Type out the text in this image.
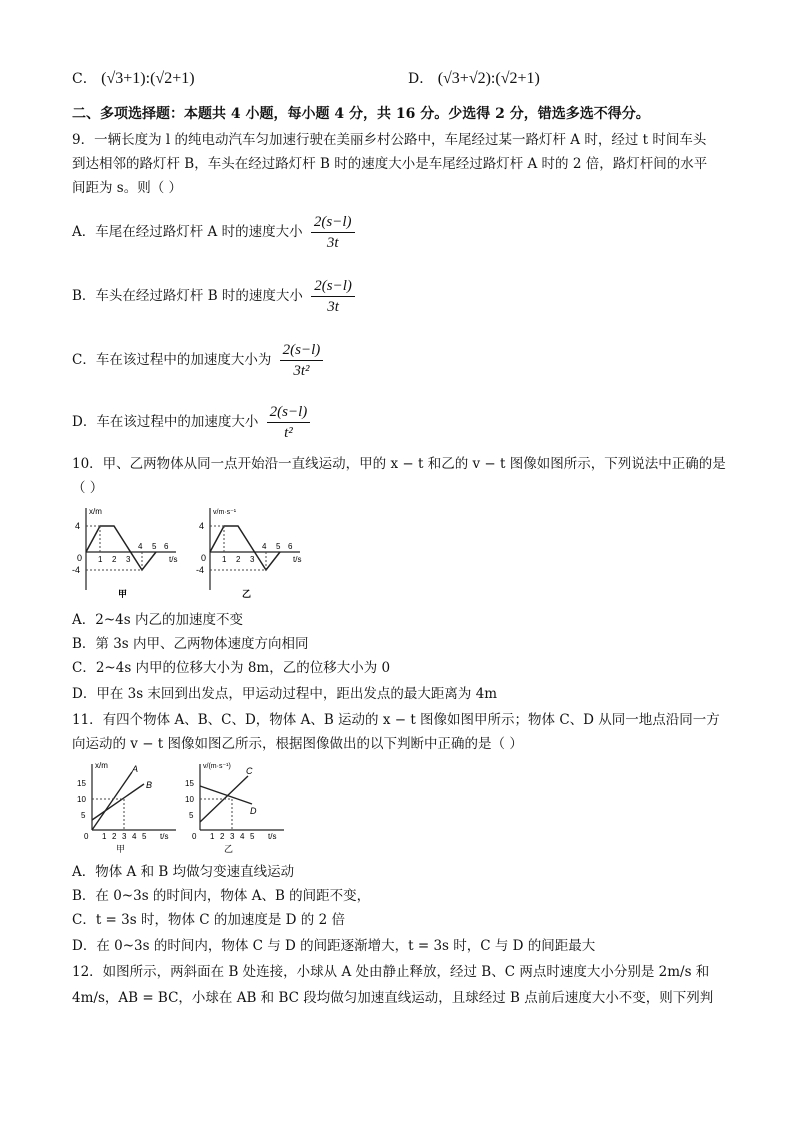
C． (√3+1):(√2+1)	D． (√3+√2):(√2+1)
二、多项选择题：本题共 4 小题，每小题 4 分，共 16 分。少选得 2 分，错选多选不得分。
9．一辆长度为 l 的纯电动汽车匀加速行驶在美丽乡村公路中，车尾经过某一路灯杆 A 时，经过 t 时间车头
到达相邻的路灯杆 B，车头在经过路灯杆 B 时的速度大小是车尾经过路灯杆 A 时的 2 倍，路灯杆间的水平
间距为 s。则（ ）
A．车尾在经过路灯杆 A 时的速度大小 $\frac{2(s-l)}{3t}$
B．车头在经过路灯杆 B 时的速度大小 $\frac{2(s-l)}{3t}$
C．车在该过程中的加速度大小为 $\frac{2(s-l)}{\text{3t²}}$
D．车在该过程中的加速度大小 $\frac{2(s-l)}{\text{t²}}$
10．甲、乙两物体从同一点开始沿一直线运动，甲的 x − t 和乙的 v − t 图像如图所示，下列说法中正确的是
（ ）
x/m
4
-4
0 1 2 3
4 5 6
t/s
甲
v/m·s⁻¹
4
-4
0 1 2 3
4 5 6
t/s
乙
A．2~4s 内乙的加速度不变
B．第 3s 内甲、乙两物体速度方向相同
C．2~4s 内甲的位移大小为 8m，乙的位移大小为 0
D．甲在 3s 末回到出发点，甲运动过程中，距出发点的最大距离为 4m
11．有四个物体 A、B、C、D，物体 A、B 运动的 x − t 图像如图甲所示；物体 C、D 从同一地点沿同一方
向运动的 v − t 图像如图乙所示，根据图像做出的以下判断中正确的是（ ）
x/m
15
10
5
0 1 2 3 4 5 t/s
A
B
甲
v/(m·s⁻¹)
15
10
5
0 1 2 3 4 5 t/s
C
D
乙
A．物体 A 和 B 均做匀变速直线运动
B．在 0~3s 的时间内，物体 A、B 的间距不变，
C．t = 3s 时，物体 C 的加速度是 D 的 2 倍
D．在 0~3s 的时间内，物体 C 与 D 的间距逐渐增大，t = 3s 时，C 与 D 的间距最大
12．如图所示，两斜面在 B 处连接，小球从 A 处由静止释放，经过 B、C 两点时速度大小分别是 2m/s 和
4m/s，AB = BC，小球在 AB 和 BC 段均做匀加速直线运动，且球经过 B 点前后速度大小不变，则下列判
